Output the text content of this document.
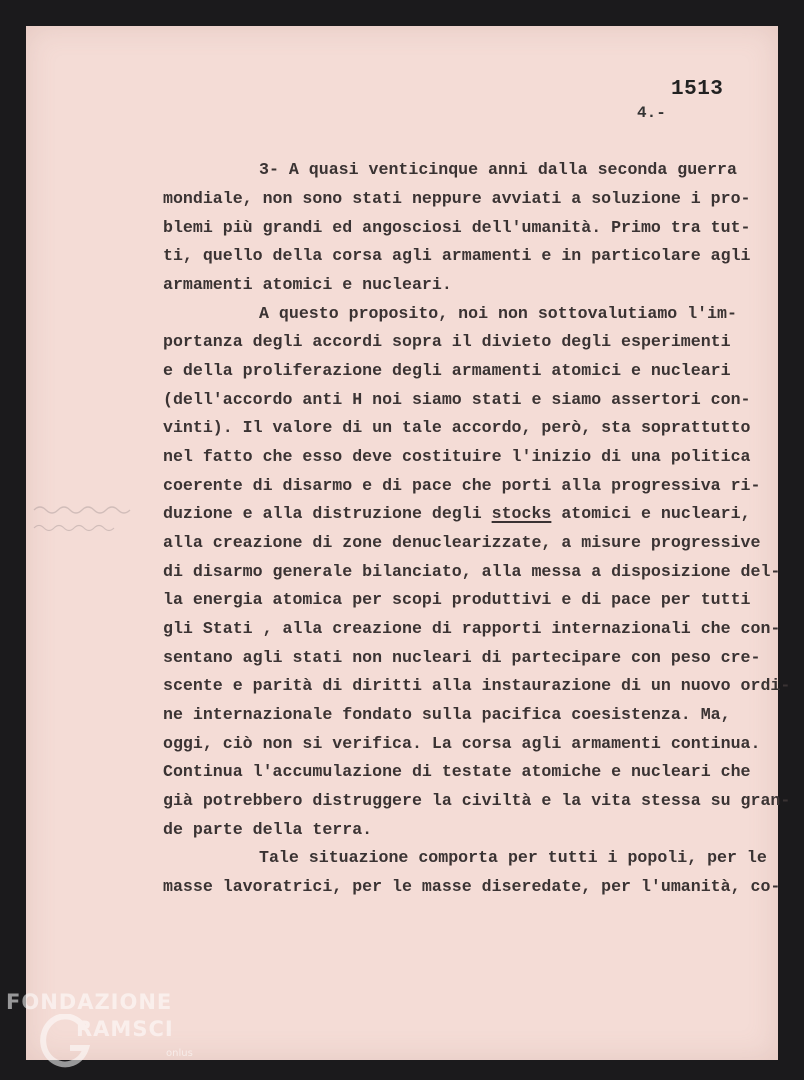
1513
4.-

3- A quasi venticinque anni dalla seconda guerra
mondiale, non sono stati neppure avviati a soluzione i pro-
blemi più grandi ed angosciosi dell'umanità. Primo tra tut-
ti, quello della corsa agli armamenti e in particolare agli
armamenti atomici e nucleari.
A questo proposito, noi non sottovalutiamo l'im-
portanza degli accordi sopra il divieto degli esperimenti
e della proliferazione degli armamenti atomici e nucleari
(dell'accordo anti H noi siamo stati e siamo assertori con-
vinti). Il valore di un tale accordo, però, sta soprattutto
nel fatto che esso deve costituire l'inizio di una politica
coerente di disarmo e di pace che porti alla progressiva ri-
duzione e alla distruzione degli stocks atomici e nucleari,
alla creazione di zone denuclearizzate, a misure progressive
di disarmo generale bilanciato, alla messa a disposizione del-
la energia atomica per scopi produttivi e di pace per tutti
gli Stati , alla creazione di rapporti internazionali che con-
sentano agli stati non nucleari di partecipare con peso cre-
scente e parità di diritti alla instaurazione di un nuovo ordi-
ne internazionale fondato sulla pacifica coesistenza. Ma,
oggi, ciò non si verifica. La corsa agli armamenti continua.
Continua l'accumulazione di testate atomiche e nucleari che
già potrebbero distruggere la civiltà e la vita stessa su gran-
de parte della terra.
Tale situazione comporta per tutti i popoli, per le
masse lavoratrici, per le masse diseredate, per l'umanità, co-
FONDAZIONE
RAMSCI
onlus
